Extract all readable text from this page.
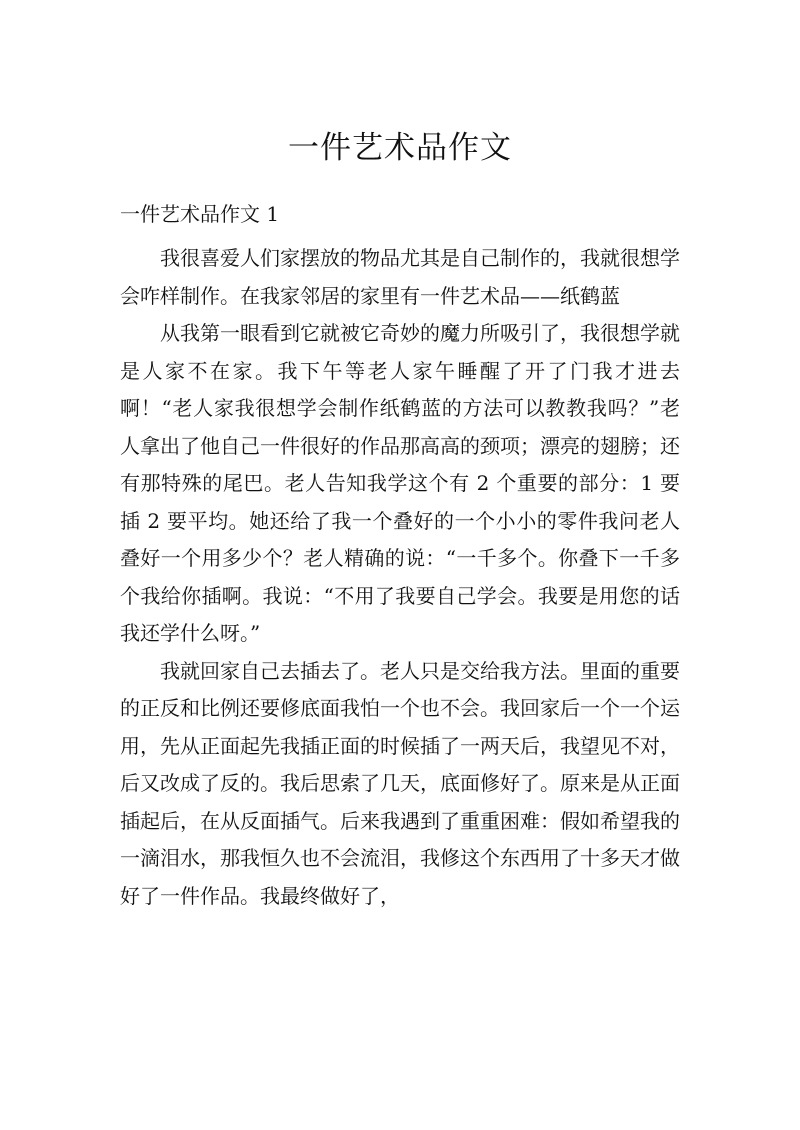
一件艺术品作文
一件艺术品作文 1

我很喜爱人们家摆放的物品尤其是自己制作的，我就很想学会咋样制作。在我家邻居的家里有一件艺术品——纸鹤蓝

从我第一眼看到它就被它奇妙的魔力所吸引了，我很想学就是人家不在家。我下午等老人家午睡醒了开了门我才进去啊！“老人家我很想学会制作纸鹤蓝的方法可以教教我吗？”老人拿出了他自己一件很好的作品那高高的颈项；漂亮的翅膀；还有那特殊的尾巴。老人告知我学这个有 2 个重要的部分：1 要插 2 要平均。她还给了我一个叠好的一个小小的零件我问老人叠好一个用多少个？老人精确的说：“一千多个。你叠下一千多个我给你插啊。我说：“不用了我要自己学会。我要是用您的话我还学什么呀。”

我就回家自己去插去了。老人只是交给我方法。里面的重要的正反和比例还要修底面我怕一个也不会。我回家后一个一个运用，先从正面起先我插正面的时候插了一两天后，我望见不对，后又改成了反的。我后思索了几天，底面修好了。原来是从正面插起后，在从反面插气。后来我遇到了重重困难：假如希望我的一滴泪水，那我恒久也不会流泪，我修这个东西用了十多天才做好了一件作品。我最终做好了，
